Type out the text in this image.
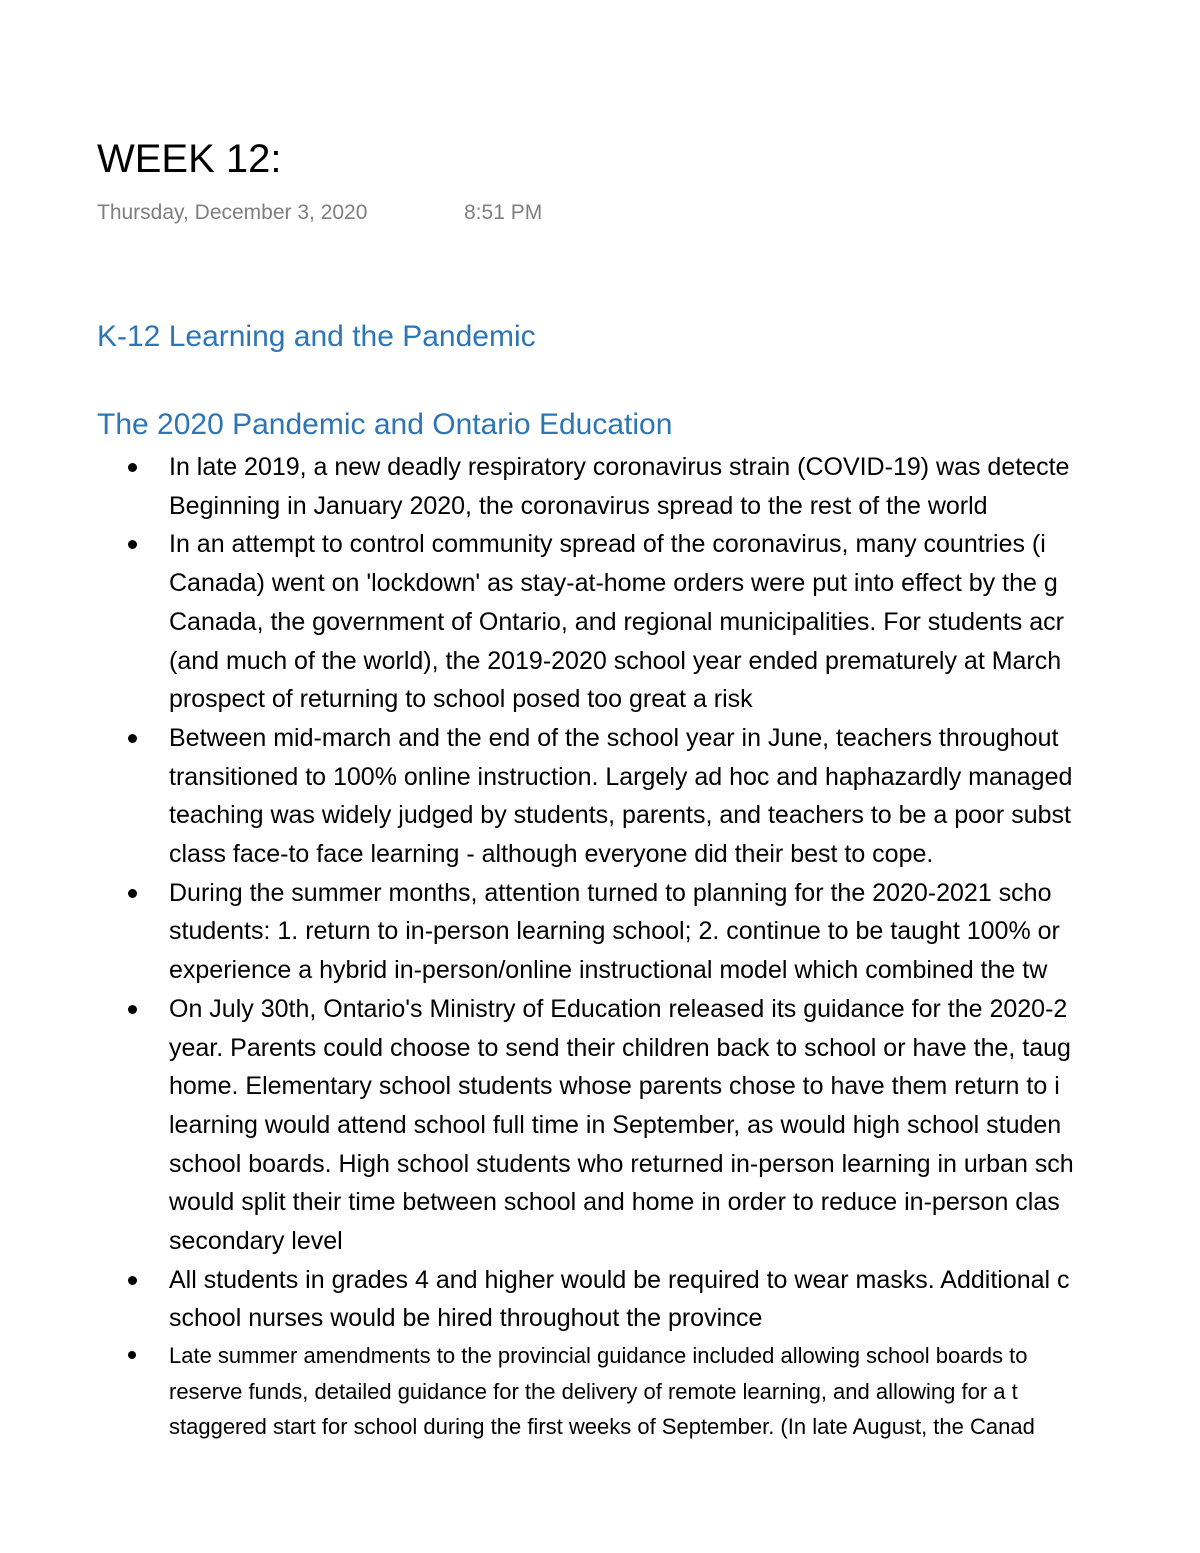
WEEK 12:
Thursday, December 3, 2020	8:51 PM
K-12 Learning and the Pandemic
The 2020 Pandemic and Ontario Education
In late 2019, a new deadly respiratory coronavirus strain (COVID-19) was detecte
Beginning in January 2020, the coronavirus spread to the rest of the world
In an attempt to control community spread of the coronavirus, many countries (i
Canada) went on 'lockdown' as stay-at-home orders were put into effect by the g
Canada, the government of Ontario, and regional municipalities. For students acr
(and much of the world), the 2019-2020 school year ended prematurely at March
prospect of returning to school posed too great a risk
Between mid-march and the end of the school year in June, teachers throughout
transitioned to 100% online instruction. Largely ad hoc and haphazardly managed
teaching was widely judged by students, parents, and teachers to be a poor subst
class face-to face learning - although everyone did their best to cope.
During the summer months, attention turned to planning for the 2020-2021 scho
students: 1. return to in-person learning school; 2. continue to be taught 100% or
experience a hybrid in-person/online instructional model which combined the tw
On July 30th, Ontario's Ministry of Education released its guidance for the 2020-2
year. Parents could choose to send their children back to school or have the, taug
home. Elementary school students whose parents chose to have them return to i
learning would attend school full time in September, as would high school studen
school boards. High school students who returned in-person learning in urban sch
would split their time between school and home in order to reduce in-person clas
secondary level
All students in grades 4 and higher would be required to wear masks. Additional c
school nurses would be hired throughout the province
Late summer amendments to the provincial guidance included allowing school boards to
reserve funds, detailed guidance for the delivery of remote learning, and allowing for a t
staggered start for school during the first weeks of September. (In late August, the Canad
